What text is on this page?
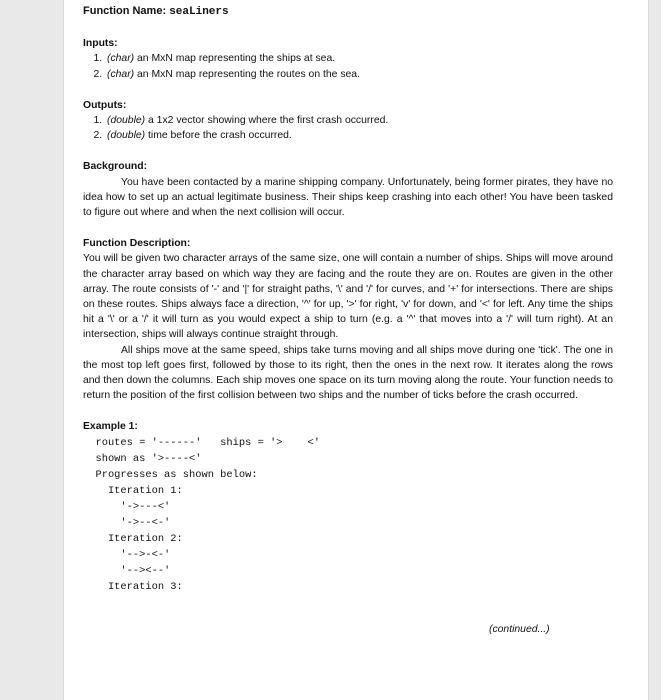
Function Name: seaLiners
Inputs:
1. (char) an MxN map representing the ships at sea.
2. (char) an MxN map representing the routes on the sea.
Outputs:
1. (double) a 1x2 vector showing where the first crash occurred.
2. (double) time before the crash occurred.
Background:
You have been contacted by a marine shipping company. Unfortunately, being former pirates, they have no idea how to set up an actual legitimate business. Their ships keep crashing into each other! You have been tasked to figure out where and when the next collision will occur.
Function Description:
You will be given two character arrays of the same size, one will contain a number of ships. Ships will move around the character array based on which way they are facing and the route they are on. Routes are given in the other array. The route consists of '-' and '|' for straight paths, '\' and '/' for curves, and '+' for intersections. There are ships on these routes. Ships always face a direction, '^' for up, '>' for right, 'v' for down, and '<' for left. Any time the ships hit a '\' or a '/' it will turn as you would expect a ship to turn (e.g. a '^' that moves into a '/' will turn right). At an intersection, ships will always continue straight through.
All ships move at the same speed, ships take turns moving and all ships move during one 'tick'. The one in the most top left goes first, followed by those to its right, then the ones in the next row. It iterates along the rows and then down the columns. Each ship moves one space on its turn moving along the route. Your function needs to return the position of the first collision between two ships and the number of ticks before the crash occurred.
Example 1:
routes = '------'   ships = '>    <'
shown as '>----<'
Progresses as shown below:
Iteration 1:
'->---<'
'->--<-'
Iteration 2:
'-->-<-'
'--><--'
Iteration 3:
(continued...)
